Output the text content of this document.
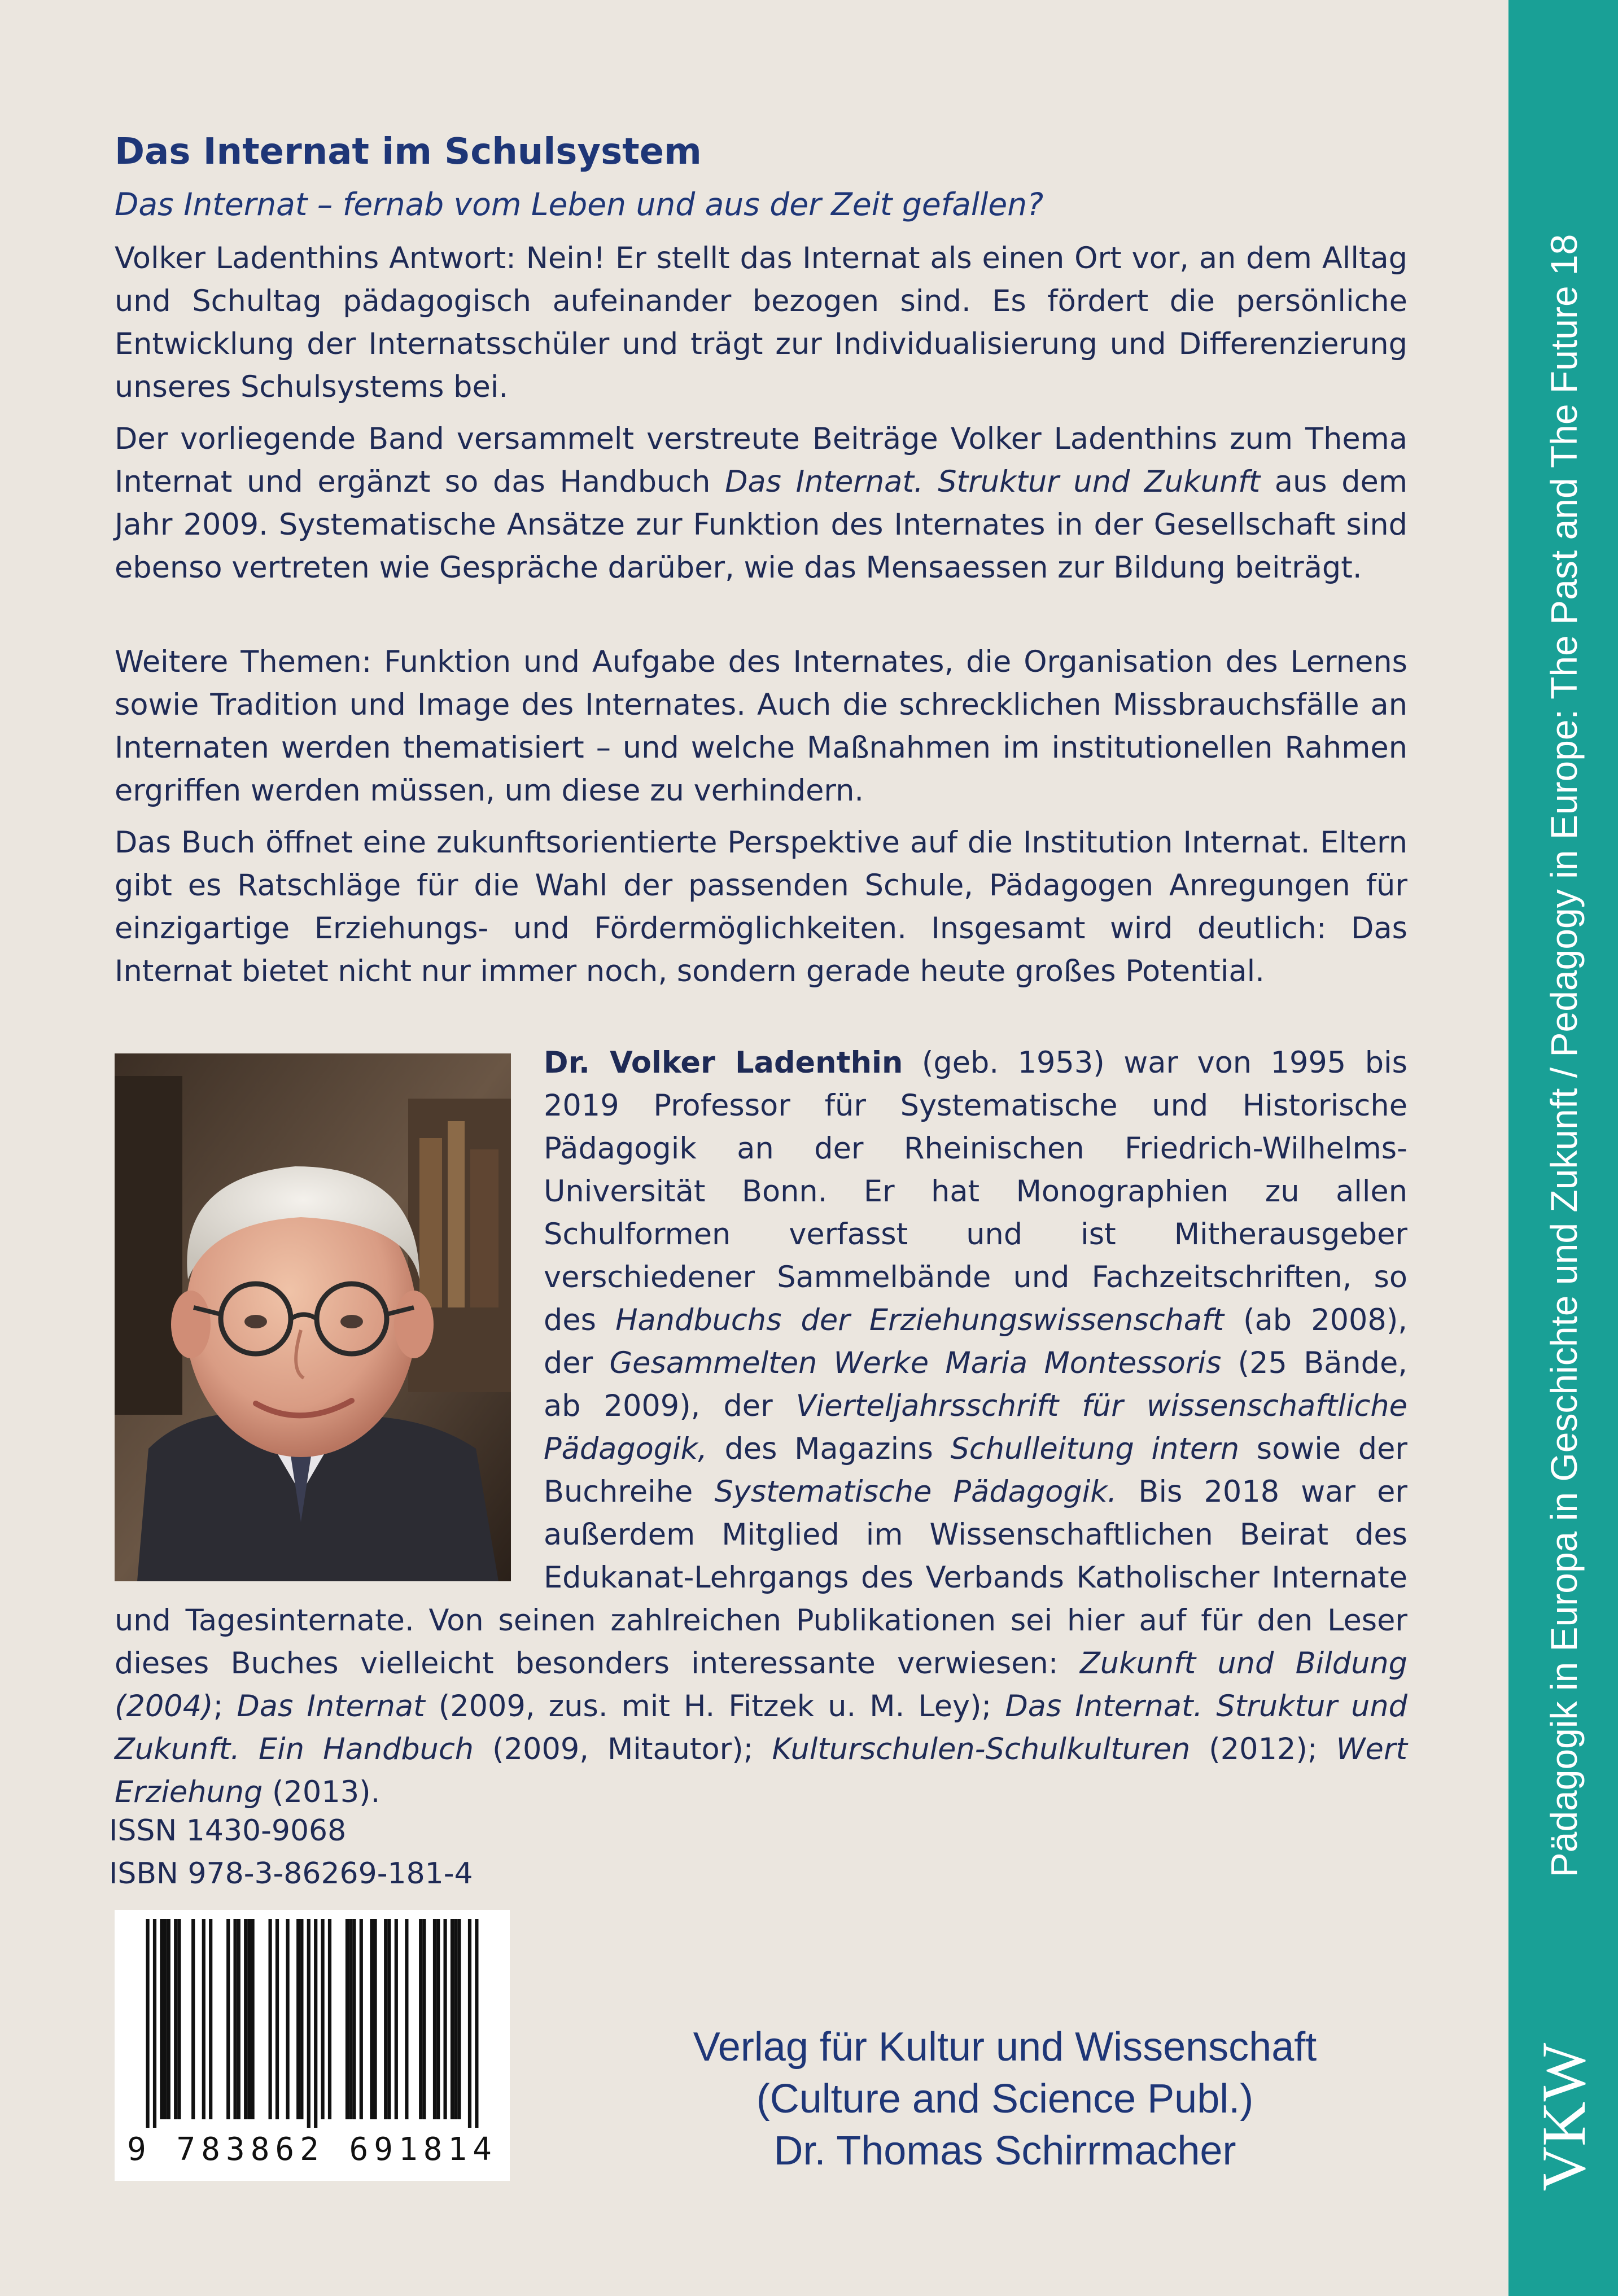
Das Internat im Schulsystem

Das Internat – fernab vom Leben und aus der Zeit gefallen?

Volker Ladenthins Antwort: Nein! Er stellt das Internat als einen Ort vor, an dem Alltag und Schultag pädagogisch aufeinander bezogen sind. Es fördert die persönliche Entwicklung der Internatsschüler und trägt zur Individualisierung und Differenzierung unseres Schulsystems bei.

Der vorliegende Band versammelt verstreute Beiträge Volker Ladenthins zum Thema Internat und ergänzt so das Handbuch Das Internat. Struktur und Zukunft aus dem Jahr 2009. Systematische Ansätze zur Funktion des Internates in der Gesellschaft sind ebenso vertreten wie Gespräche darüber, wie das Mensaessen zur Bildung beiträgt.

Weitere Themen: Funktion und Aufgabe des Internates, die Organisation des Lernens sowie Tradition und Image des Internates. Auch die schrecklichen Missbrauchsfälle an Internaten werden thematisiert – und welche Maßnahmen im institutionellen Rahmen ergriffen werden müssen, um diese zu verhindern.

Das Buch öffnet eine zukunftsorientierte Perspektive auf die Institution Internat. Eltern gibt es Ratschläge für die Wahl der passenden Schule, Pädagogen Anregungen für einzigartige Erziehungs- und Fördermöglichkeiten. Insgesamt wird deutlich: Das Internat bietet nicht nur immer noch, sondern gerade heute großes Potential.

Dr. Volker Ladenthin (geb. 1953) war von 1995 bis 2019 Professor für Systematische und Historische Pädagogik an der Rheinischen Friedrich-Wilhelms-Universität Bonn. Er hat Monographien zu allen Schulformen verfasst und ist Mitherausgeber verschiedener Sammelbände und Fachzeitschriften, so des Handbuchs der Erziehungswissenschaft (ab 2008), der Gesammelten Werke Maria Montessoris (25 Bände, ab 2009), der Vierteljahrsschrift für wissenschaftliche Pädagogik, des Magazins Schulleitung intern sowie der Buchreihe Systematische Pädagogik. Bis 2018 war er außerdem Mitglied im Wissenschaftlichen Beirat des Edukanat-Lehrgangs des Verbands Katholischer Internate und Tagesinternate. Von seinen zahlreichen Publikationen sei hier auf für den Leser dieses Buches vielleicht besonders interessante verwiesen: Zukunft und Bildung (2004); Das Internat (2009, zus. mit H. Fitzek u. M. Ley); Das Internat. Struktur und Zukunft. Ein Handbuch (2009, Mitautor); Kulturschulen-Schulkulturen (2012); Wert Erziehung (2013).

ISSN 1430-9068
ISBN 978-3-86269-181-4
9 783862 691814
Verlag für Kultur und Wissenschaft
(Culture and Science Publ.)
Dr. Thomas Schirrmacher
Pädagogik in Europa in Geschichte und Zukunft / Pedagogy in Europe: The Past and The Future 18
VKW
